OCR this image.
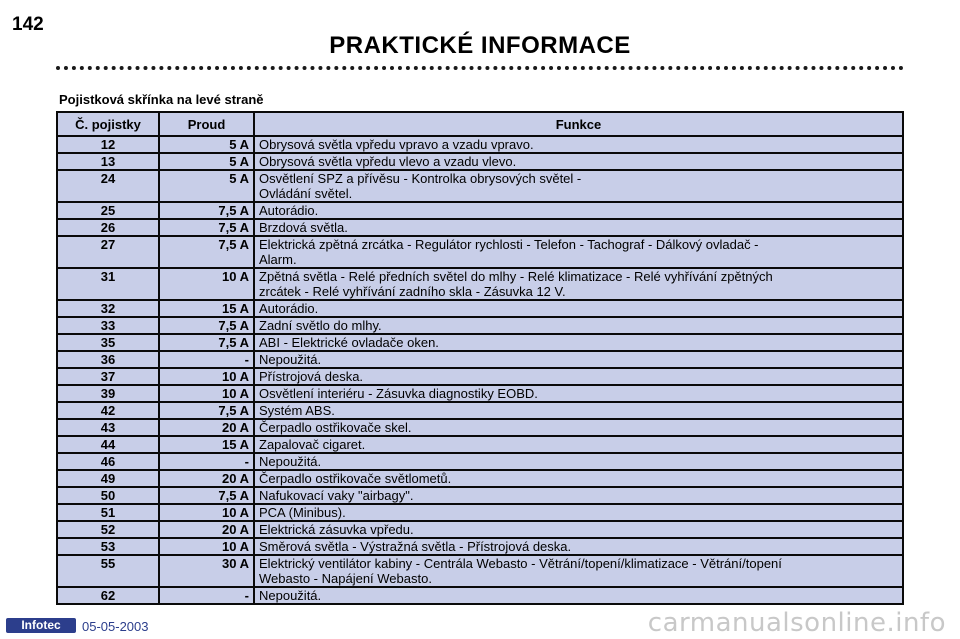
142
PRAKTICKÉ INFORMACE
Pojistková skřínka na levé straně
Č. pojistky	Proud	Funkce
12	5 A	Obrysová světla vpředu vpravo a vzadu vpravo.

13	5 A	Obrysová světla vpředu vlevo a vzadu vlevo.

24	5 A	Osvětlení SPZ a přívěsu - Kontrolka obrysových světel -
Ovládání světel.

25	7,5 A	Autorádio.

26	7,5 A	Brzdová světla.

27	7,5 A	Elektrická zpětná zrcátka - Regulátor rychlosti - Telefon - Tachograf - Dálkový ovladač -
Alarm.

31	10 A	Zpětná světla - Relé předních světel do mlhy - Relé klimatizace - Relé vyhřívání zpětných
zrcátek - Relé vyhřívání zadního skla - Zásuvka 12 V.

32	15 A	Autorádio.

33	7,5 A	Zadní světlo do mlhy.

35	7,5 A	ABI - Elektrické ovladače oken.

36	-	Nepoužitá.

37	10 A	Přístrojová deska.

39	10 A	Osvětlení interiéru - Zásuvka diagnostiky EOBD.

42	7,5 A	Systém ABS.

43	20 A	Čerpadlo ostřikovače skel.

44	15 A	Zapalovač cigaret.

46	-	Nepoužitá.

49	20 A	Čerpadlo ostřikovače světlometů.

50	7,5 A	Nafukovací vaky "airbagy".

51	10 A	PCA (Minibus).

52	20 A	Elektrická zásuvka vpředu.

53	10 A	Směrová světla - Výstražná světla - Přístrojová deska.

55	30 A	Elektrický ventilátor kabiny - Centrála Webasto - Větrání/topení/klimatizace - Větrání/topení
Webasto - Napájení Webasto.

62	-	Nepoužitá.
Infotec	05-05-2003	carmanualsonline.info
